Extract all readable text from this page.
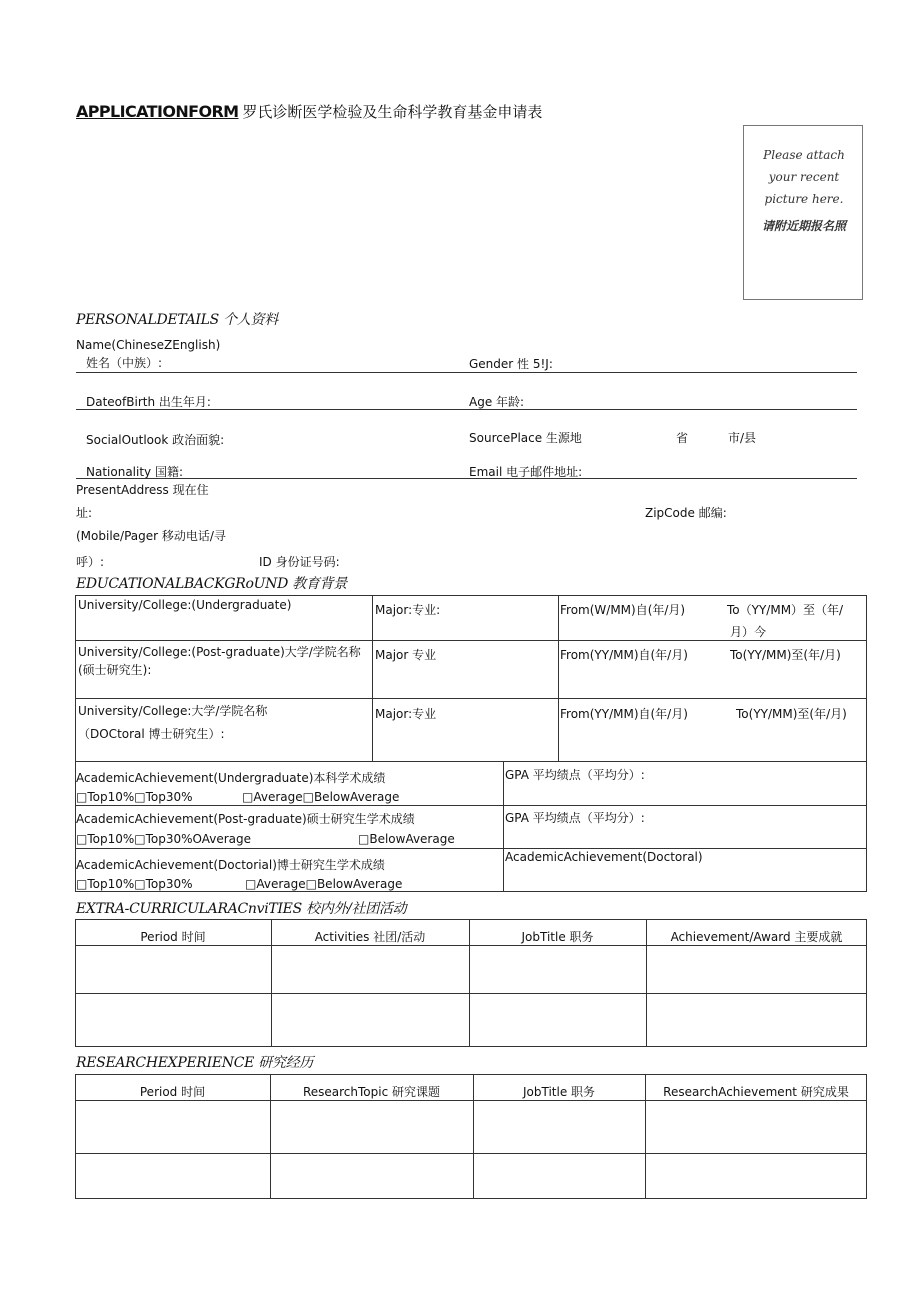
APPLICATIONFORM 罗氏诊断医学检验及生命科学教育基金申请表
Please attach
your recent
picture here.
请附近期报名照
PERSONALDETAILS 个人资料
Name(ChineseZEnglish)
姓名（中族）:	Gender 性 5!J:
DateofBirth 出生年月:	Age 年龄:
SocialOutlook 政治面貌:	SourcePlace 生源地	省	市/县
Nationality 国籍:	Email 电子邮件地址:
PresentAddress 现在住
址:	ZipCode 邮编:
(Mobile/Pager 移动电话/寻
呼）:	ID 身份证号码:
EDUCATIONALBACKGRoUND 教育背景
University/College:(Undergraduate)	Major:专业:	From(W/MM)自(年/月)	To（YY/MM）至（年/
月）今
University/College:(Post-graduate)大学/学院名称
(硕士研究生):
Major 专业	From(YY/MM)自(年/月)	To(YY/MM)至(年/月)
University/College:大学/学院名称
（DOCtoral 博士研究生）:
Major:专业	From(YY/MM)自(年/月)	To(YY/MM)至(年/月)
AcademicAchievement(Undergraduate)本科学术成绩
□Top10%□Top30%	□Average□BelowAverage
GPA 平均绩点（平均分）:
AcademicAchievement(Post-graduate)硕士研究生学术成绩
□Top10%□Top30%OAverage	□BelowAverage
GPA 平均绩点（平均分）:
AcademicAchievement(Doctorial)博士研究生学术成绩
□Top10%□Top30%	□Average□BelowAverage
AcademicAchievement(Doctoral)
EXTRA-CURRICULARACnviTIES 校内外/社团活动
Period 时间	Activities 社团/活动	JobTitle 职务	Achievement/Award 主要成就
RESEARCHEXPERIENCE 研究经历
Period 时间	ResearchTopic 研究课题	JobTitle 职务	ResearchAchievement 研究成果
